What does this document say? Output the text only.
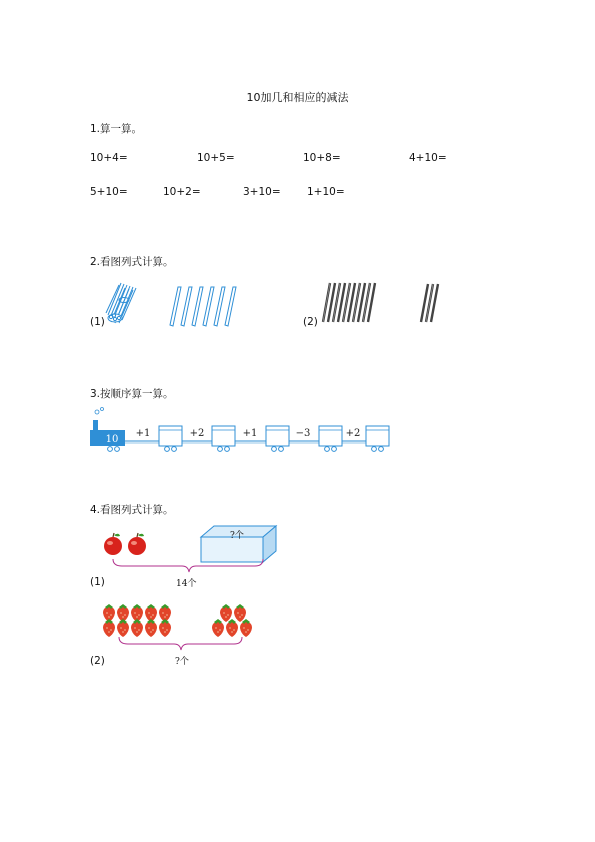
10加几和相应的减法
1.算一算。
10+4=	10+5=	10+8=	4+10=
5+10=	10+2=	3+10=	1+10=
2.看图列式计算。
(1)	(2)
3.按顺序算一算。
10
+1	+2	+1	−3	+2
4.看图列式计算。
?个
(1)	14个
(2)	?个
